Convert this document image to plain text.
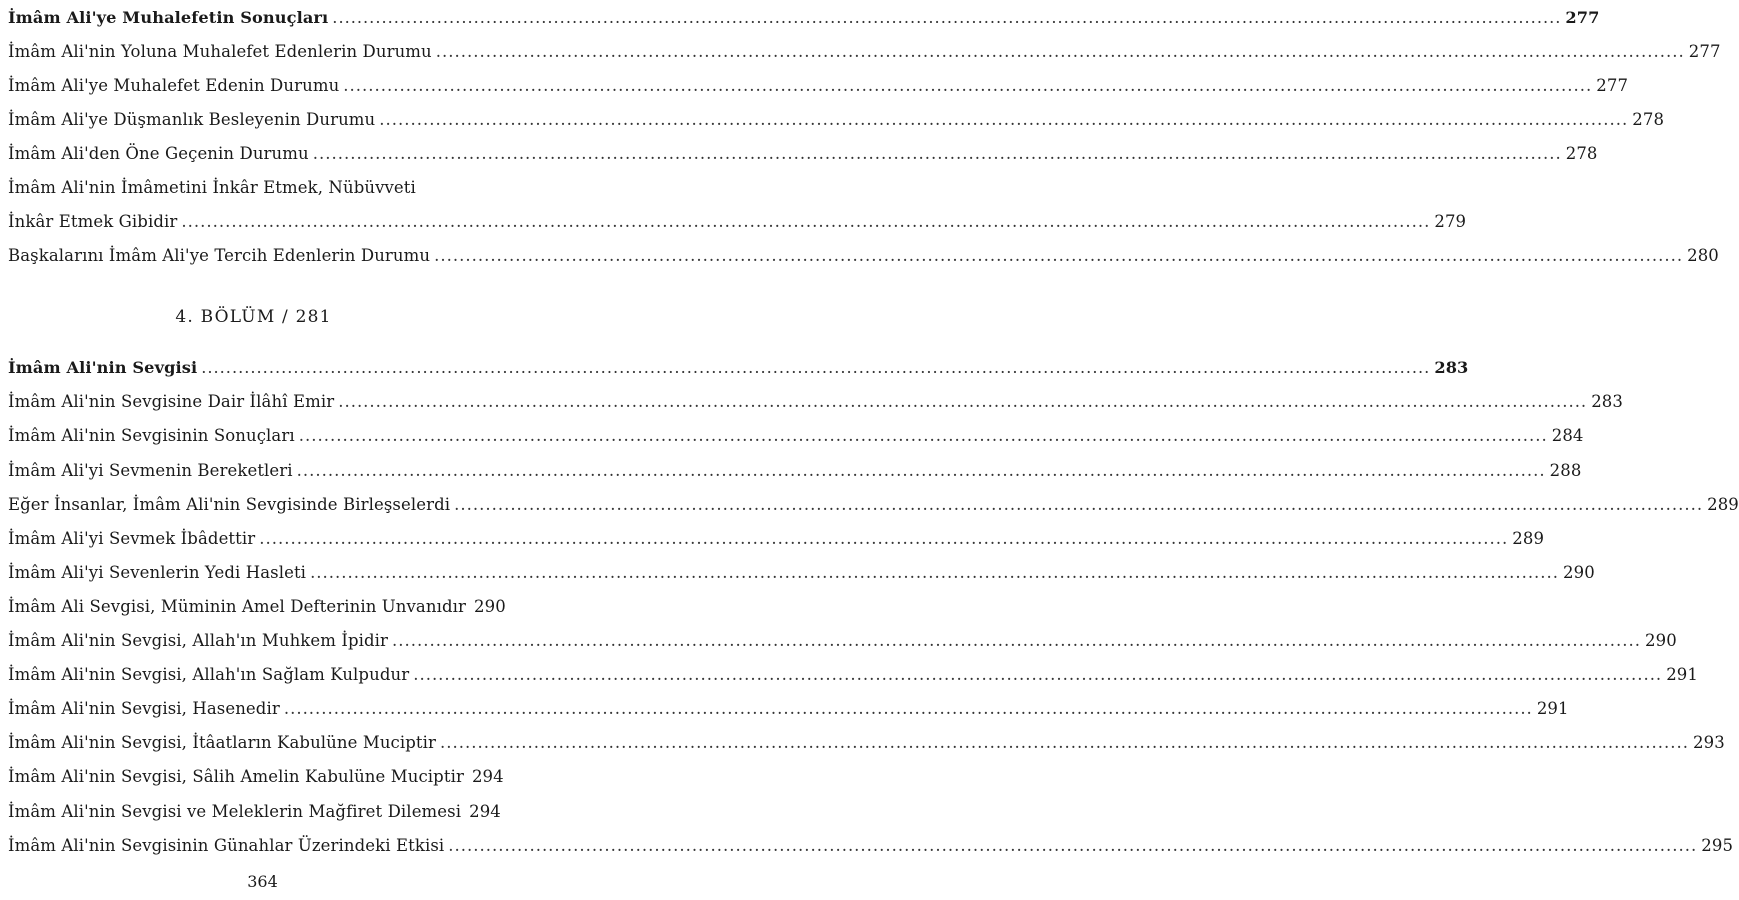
İmâm Ali'ye Muhalefetin Sonuçları ........................................................................................................................................................................................................ 277
İmâm Ali'nin Yoluna Muhalefet Edenlerin Durumu ........................................................................................................................................................................................................ 277
İmâm Ali'ye Muhalefet Edenin Durumu ........................................................................................................................................................................................................ 277
İmâm Ali'ye Düşmanlık Besleyenin Durumu ........................................................................................................................................................................................................ 278
İmâm Ali'den Öne Geçenin Durumu ........................................................................................................................................................................................................ 278
İmâm Ali'nin İmâmetini İnkâr Etmek, Nübüvveti
İnkâr Etmek Gibidir ........................................................................................................................................................................................................ 279
Başkalarını İmâm Ali'ye Tercih Edenlerin Durumu ........................................................................................................................................................................................................ 280
4. BÖLÜM / 281
İmâm Ali'nin Sevgisi ........................................................................................................................................................................................................ 283
İmâm Ali'nin Sevgisine Dair İlâhî Emir ........................................................................................................................................................................................................ 283
İmâm Ali'nin Sevgisinin Sonuçları ........................................................................................................................................................................................................ 284
İmâm Ali'yi Sevmenin Bereketleri ........................................................................................................................................................................................................ 288
Eğer İnsanlar, İmâm Ali'nin Sevgisinde Birleşselerdi ........................................................................................................................................................................................................ 289
İmâm Ali'yi Sevmek İbâdettir ........................................................................................................................................................................................................ 289
İmâm Ali'yi Sevenlerin Yedi Hasleti ........................................................................................................................................................................................................ 290
İmâm Ali Sevgisi, Müminin Amel Defterinin Unvanıdır 290
İmâm Ali'nin Sevgisi, Allah'ın Muhkem İpidir ........................................................................................................................................................................................................ 290
İmâm Ali'nin Sevgisi, Allah'ın Sağlam Kulpudur ........................................................................................................................................................................................................ 291
İmâm Ali'nin Sevgisi, Hasenedir ........................................................................................................................................................................................................ 291
İmâm Ali'nin Sevgisi, İtâatların Kabulüne Muciptir ........................................................................................................................................................................................................ 293
İmâm Ali'nin Sevgisi, Sâlih Amelin Kabulüne Muciptir 294
İmâm Ali'nin Sevgisi ve Meleklerin Mağfiret Dilemesi 294
İmâm Ali'nin Sevgisinin Günahlar Üzerindeki Etkisi ........................................................................................................................................................................................................ 295
364
